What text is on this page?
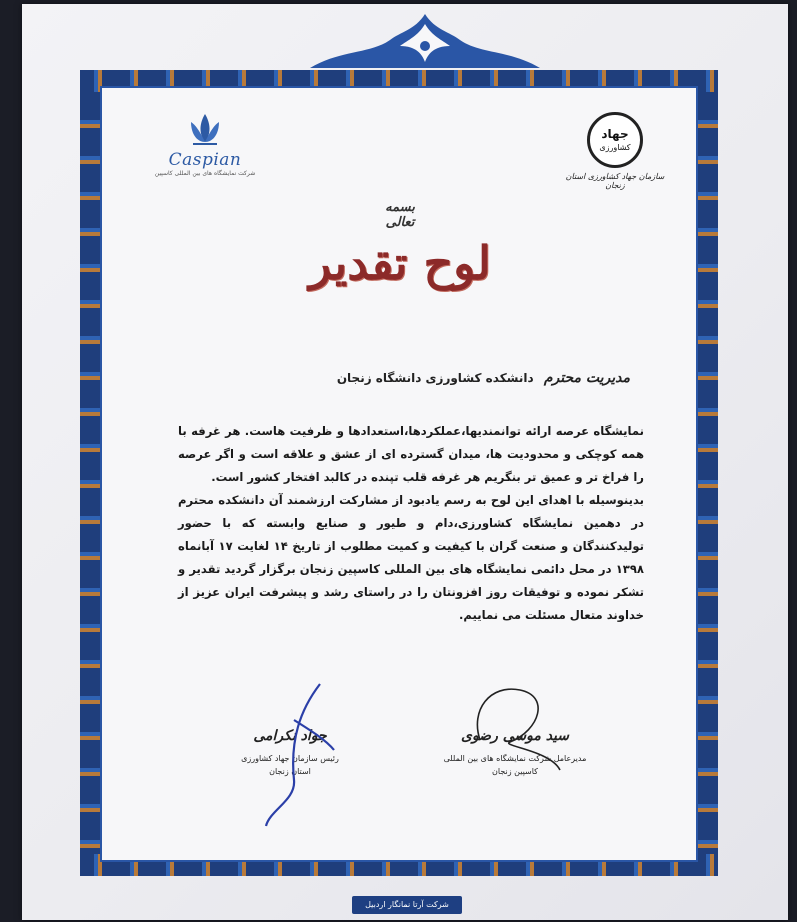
Caspian
شرکت نمایشگاه های بین المللی کاسپین
جهاد
کشاورزی
سازمان جهاد کشاورزی استان زنجان
بسمه تعالی
لوح تقدیر
مدیریت محترم دانشکده کشاورزی دانشگاه زنجان

نمایشگاه عرصه ارائه توانمندیها،عملکردها،استعدادها و ظرفیت هاست. هر غرفه با همه کوچکی و محدودیت ها، میدان گسترده ای از عشق و علاقه است و اگر عرصه را فراخ تر و عمیق تر بنگریم هر غرفه قلب تپنده در کالبد افتخار کشور است.

بدینوسیله با اهدای این لوح به رسم یادبود از مشارکت ارزشمند آن دانشکده محترم در دهمین نمایشگاه کشاورزی،دام و طیور و صنایع وابسته که با حضور تولیدکنندگان و صنعت گران با کیفیت و کمیت مطلوب از تاریخ ۱۴ لغایت ۱۷ آبانماه ۱۳۹۸ در محل دائمی نمایشگاه های بین المللی کاسپین زنجان برگزار گردید تقدیر و تشکر نموده و توفیقات روز افزونتان را در راستای رشد و پیشرفت ایران عزیز از خداوند متعال مسئلت می نماییم.

جواد نکرامی
رئیس سازمان جهاد کشاورزی
استان زنجان
سید موسی رضوی
مدیرعامل شرکت نمایشگاه های بین المللی
کاسپین زنجان
شرکت آرتا نمانگار اردبیل
